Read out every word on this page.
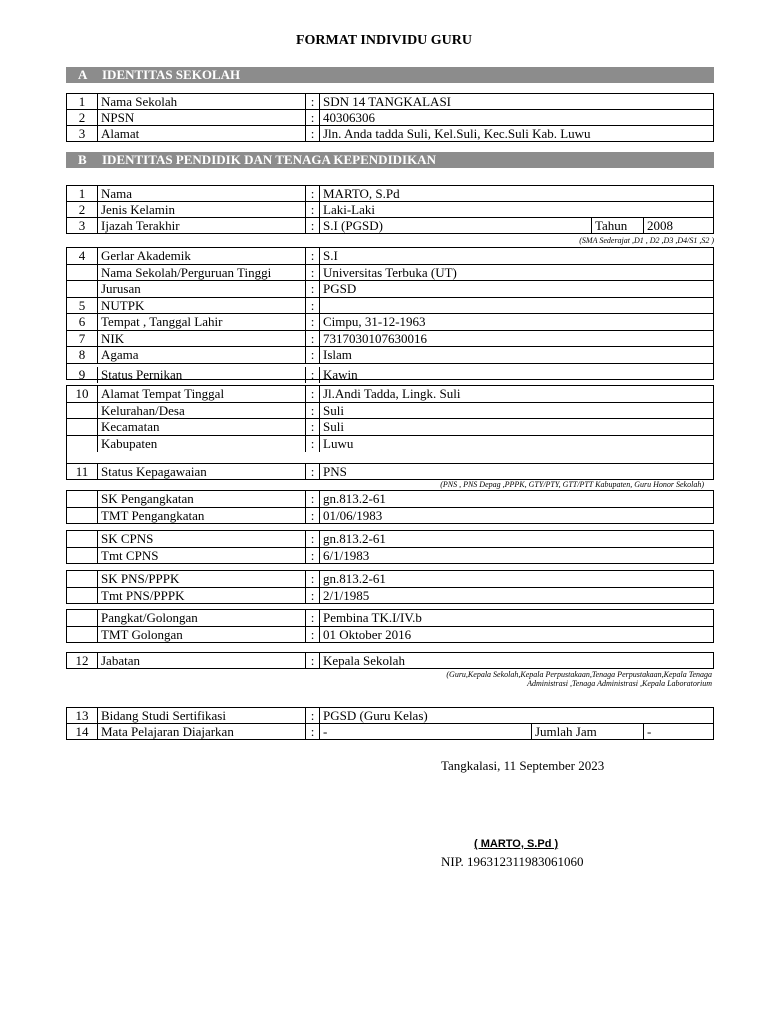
FORMAT INDIVIDU GURU
A IDENTITAS SEKOLAH
1	Nama Sekolah	: SDN 14 TANGKALASI
2	NPSN	: 40306306
3	Alamat	: Jln. Anda tadda Suli, Kel.Suli, Kec.Suli Kab. Luwu
B IDENTITAS PENDIDIK DAN TENAGA KEPENDIDIKAN
1	Nama	: MARTO, S.Pd
2	Jenis Kelamin	: Laki-Laki
3	Ijazah Terakhir	: S.I (PGSD)	Tahun	2008
(SMA Sederajat ,D1 , D2 ,D3 ,D4/S1 ,S2 )
4	Gerlar Akademik	: S.I
Nama Sekolah/Perguruan Tinggi	: Universitas Terbuka (UT)
Jurusan	: PGSD
5	NUTPK	:
6	Tempat , Tanggal Lahir	: Cimpu, 31-12-1963
7	NIK	: 7317030107630016
8	Agama	: Islam
9	Status Pernikan	: Kawin
10 Alamat Tempat Tinggal	: Jl.Andi Tadda, Lingk. Suli
Kelurahan/Desa	: Suli
Kecamatan	: Suli
Kabupaten	: Luwu
11 Status Kepagawaian	: PNS
(PNS , PNS Depag ,PPPK, GTY/PTY, GTT/PTT Kabupaten, Guru Honor Sekolah)
SK Pengangkatan	: gn.813.2-61
TMT Pengangkatan	: 01/06/1983
SK CPNS	: gn.813.2-61
Tmt CPNS	: 6/1/1983
SK PNS/PPPK	: gn.813.2-61
Tmt PNS/PPPK	: 2/1/1985
Pangkat/Golongan	: Pembina TK.I/IV.b
TMT Golongan	: 01 Oktober 2016
12 Jabatan	: Kepala Sekolah
(Guru,Kepala Sekolah,Kepala Perpustakaan,Tenaga Perpustakaan,Kepala Tenaga
Administrasi ,Tenaga Administrasi ,Kepala Laboratorium
13 Bidang Studi Sertifikasi	: PGSD (Guru Kelas)
14 Mata Pelajaran Diajarkan	: -	Jumlah Jam	-
Tangkalasi, 11 September 2023
( MARTO, S.Pd )
NIP. 196312311983061060
